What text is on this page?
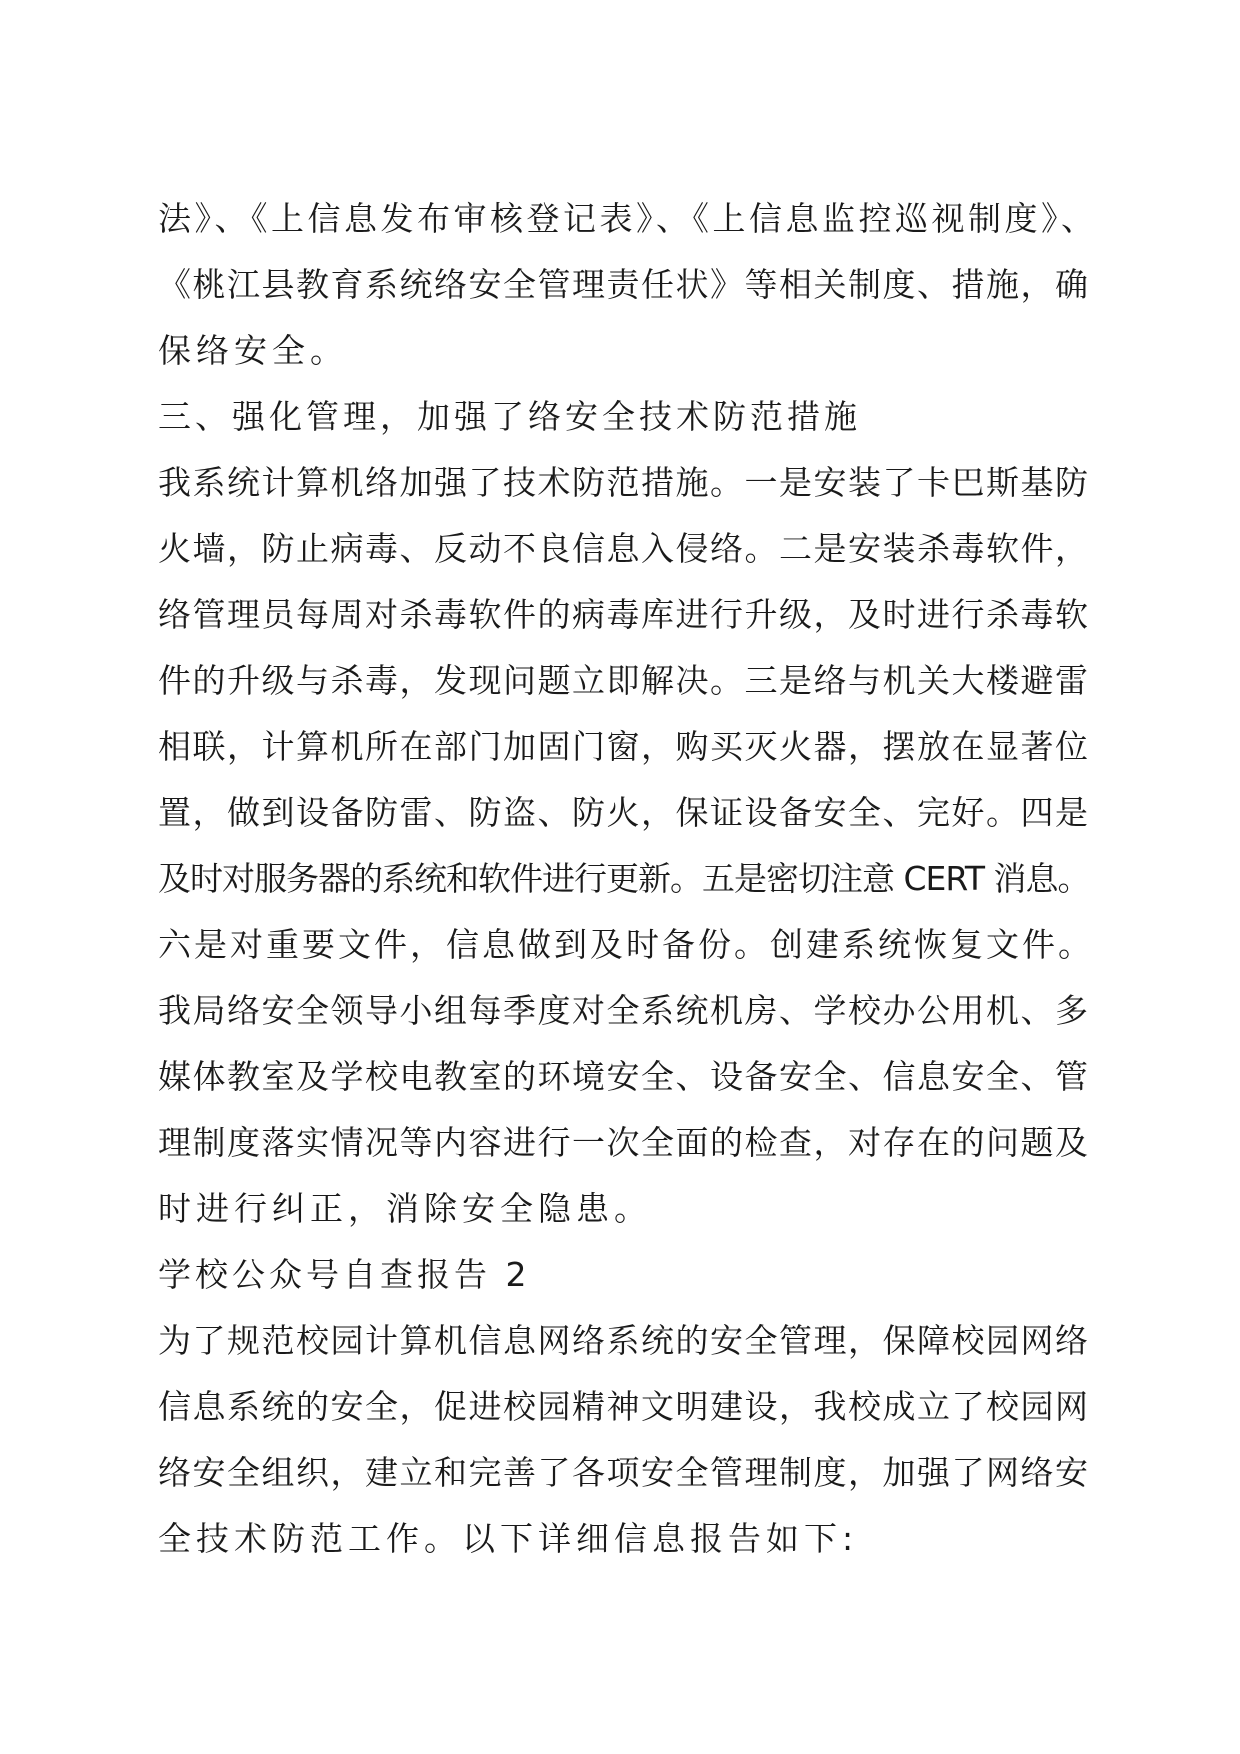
法》、《上信息发布审核登记表》、《上信息监控巡视制度》、
《桃江县教育系统络安全管理责任状》等相关制度、措施，确
保络安全。
三、强化管理，加强了络安全技术防范措施
我系统计算机络加强了技术防范措施。一是安装了卡巴斯基防
火墙，防止病毒、反动不良信息入侵络。二是安装杀毒软件，
络管理员每周对杀毒软件的病毒库进行升级，及时进行杀毒软
件的升级与杀毒，发现问题立即解决。三是络与机关大楼避雷
相联，计算机所在部门加固门窗，购买灭火器，摆放在显著位
置，做到设备防雷、防盗、防火，保证设备安全、完好。四是
及时对服务器的系统和软件进行更新。五是密切注意 CERT 消息。
六是对重要文件，信息做到及时备份。创建系统恢复文件。
我局络安全领导小组每季度对全系统机房、学校办公用机、多
媒体教室及学校电教室的环境安全、设备安全、信息安全、管
理制度落实情况等内容进行一次全面的检查，对存在的问题及
时进行纠正，消除安全隐患。
学校公众号自查报告 2
为了规范校园计算机信息网络系统的安全管理，保障校园网络
信息系统的安全，促进校园精神文明建设，我校成立了校园网
络安全组织，建立和完善了各项安全管理制度，加强了网络安
全技术防范工作。以下详细信息报告如下:
